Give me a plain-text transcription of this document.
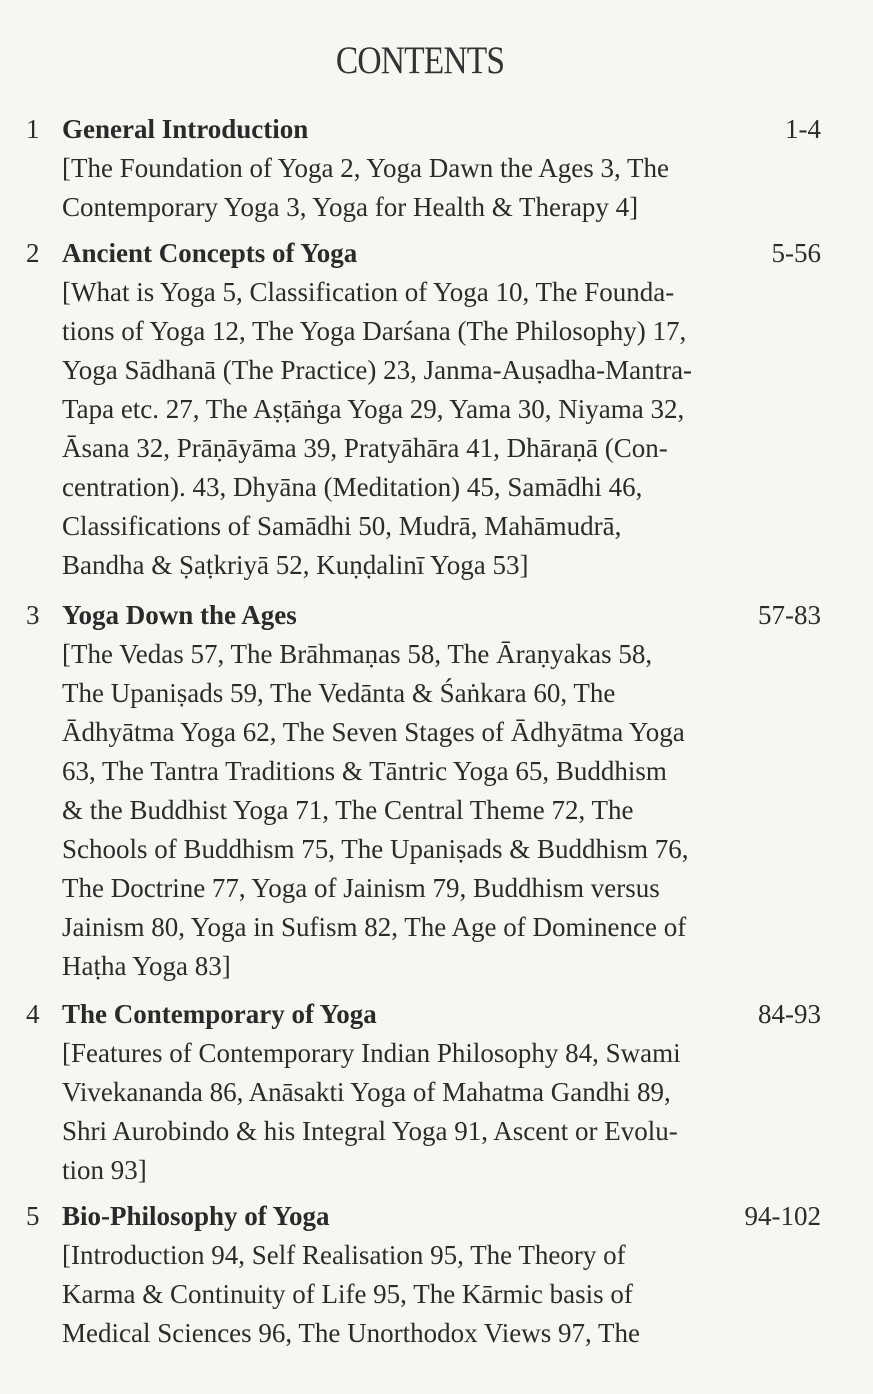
CONTENTS
1 General Introduction	1-4
[The Foundation of Yoga 2, Yoga Dawn the Ages 3, The
Contemporary Yoga 3, Yoga for Health & Therapy 4]
2 Ancient Concepts of Yoga	5-56
[What is Yoga 5, Classification of Yoga 10, The Founda-
tions of Yoga 12, The Yoga Darśana (The Philosophy) 17,
Yoga Sādhanā (The Practice) 23, Janma-Auṣadha-Mantra-
Tapa etc. 27, The Aṣṭāṅga Yoga 29, Yama 30, Niyama 32,
Āsana 32, Prāṇāyāma 39, Pratyāhāra 41, Dhāraṇā (Con-
centration). 43, Dhyāna (Meditation) 45, Samādhi 46,
Classifications of Samādhi 50, Mudrā, Mahāmudrā,
Bandha & Ṣaṭkriyā 52, Kuṇḍalinī Yoga 53]
3 Yoga Down the Ages	57-83
[The Vedas 57, The Brāhmaṇas 58, The Āraṇyakas 58,
The Upaniṣads 59, The Vedānta & Śaṅkara 60, The
Ādhyātma Yoga 62, The Seven Stages of Ādhyātma Yoga
63, The Tantra Traditions & Tāntric Yoga 65, Buddhism
& the Buddhist Yoga 71, The Central Theme 72, The
Schools of Buddhism 75, The Upaniṣads & Buddhism 76,
The Doctrine 77, Yoga of Jainism 79, Buddhism versus
Jainism 80, Yoga in Sufism 82, The Age of Dominence of
Haṭha Yoga 83]
4 The Contemporary of Yoga	84-93
[Features of Contemporary Indian Philosophy 84, Swami
Vivekananda 86, Anāsakti Yoga of Mahatma Gandhi 89,
Shri Aurobindo & his Integral Yoga 91, Ascent or Evolu-
tion 93]
5 Bio-Philosophy of Yoga	94-102
[Introduction 94, Self Realisation 95, The Theory of
Karma & Continuity of Life 95, The Kārmic basis of
Medical Sciences 96, The Unorthodox Views 97, The
